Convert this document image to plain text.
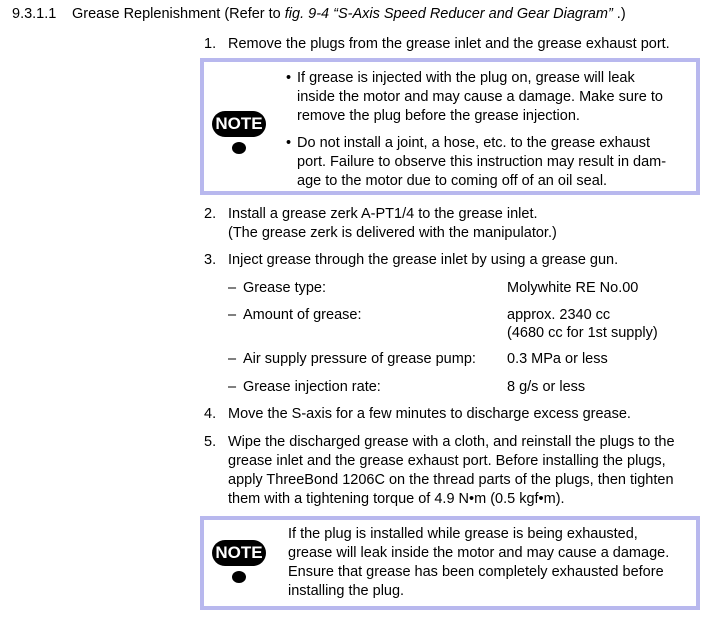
9.3.1.1 Grease Replenishment (Refer to fig. 9-4 “S-Axis Speed Reducer and Gear Diagram” .)
1. Remove the plugs from the grease inlet and the grease exhaust port.
NOTE
• If grease is injected with the plug on, grease will leak
inside the motor and may cause a damage. Make sure to
remove the plug before the grease injection.
• Do not install a joint, a hose, etc. to the grease exhaust
port. Failure to observe this instruction may result in dam-
age to the motor due to coming off of an oil seal.
2. Install a grease zerk A-PT1/4 to the grease inlet.
(The grease zerk is delivered with the manipulator.)
3. Inject grease through the grease inlet by using a grease gun.
– Grease type:	Molywhite RE No.00
– Amount of grease:	approx. 2340 cc
(4680 cc for 1st supply)
– Air supply pressure of grease pump: 0.3 MPa or less
– Grease injection rate:	8 g/s or less
4. Move the S-axis for a few minutes to discharge excess grease.
5. Wipe the discharged grease with a cloth, and reinstall the plugs to the
grease inlet and the grease exhaust port. Before installing the plugs,
apply ThreeBond 1206C on the thread parts of the plugs, then tighten
them with a tightening torque of 4.9 N•m (0.5 kgf•m).
NOTE
If the plug is installed while grease is being exhausted,
grease will leak inside the motor and may cause a damage.
Ensure that grease has been completely exhausted before
installing the plug.
